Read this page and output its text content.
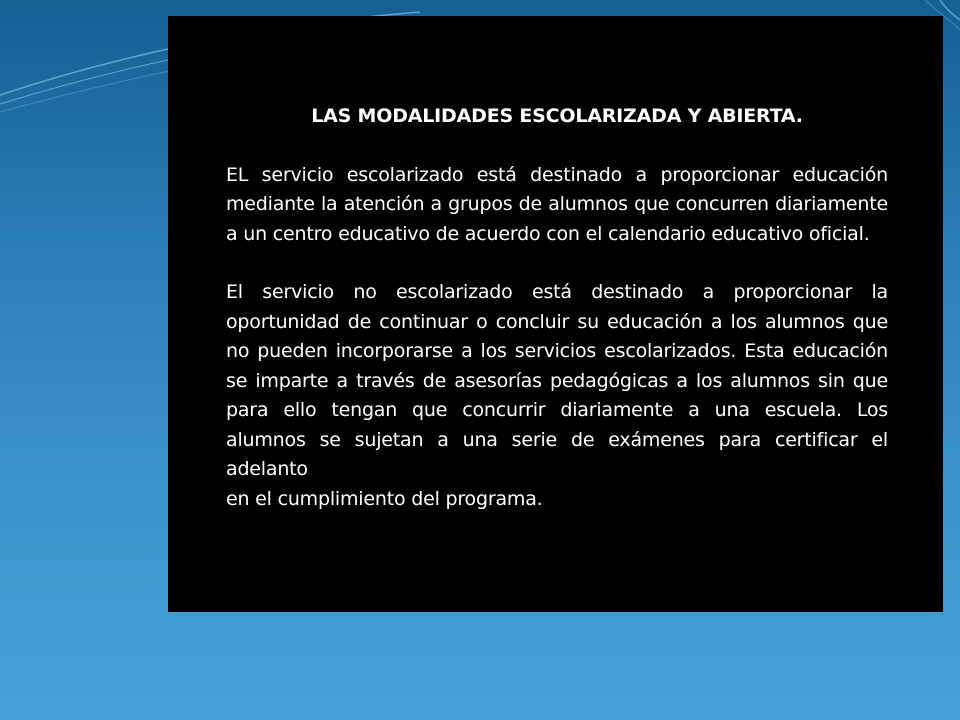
LAS MODALIDADES ESCOLARIZADA Y ABIERTA.
EL servicio escolarizado está destinado a proporcionar educación mediante la atención a grupos de alumnos que concurren diariamente a un centro educativo de acuerdo con el calendario educativo oficial.
El servicio no escolarizado está destinado a proporcionar la oportunidad de continuar o concluir su educación a los alumnos que no pueden incorporarse a los servicios escolarizados. Esta educación se imparte a través de asesorías pedagógicas a los alumnos sin que para ello tengan que concurrir diariamente a una escuela. Los alumnos se sujetan a una serie de exámenes para certificar el adelanto
en el cumplimiento del programa.
